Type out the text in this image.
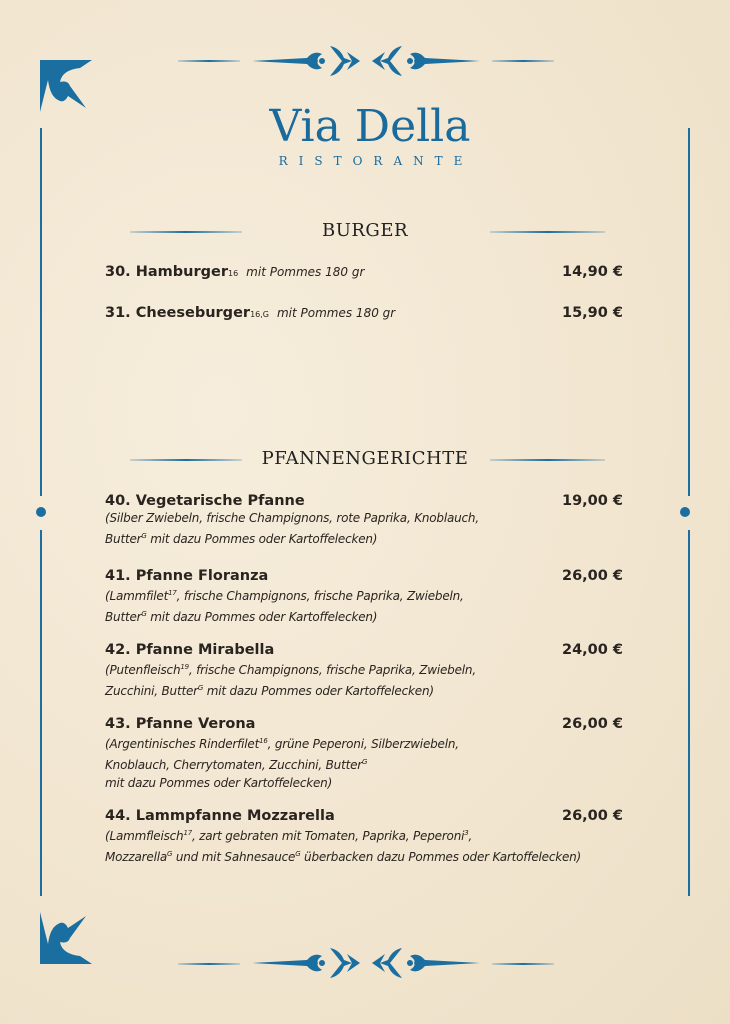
Via Della
RISTORANTE
BURGER
30. Hamburger 16 mit Pommes 180 gr	14,90 €
31. Cheeseburger 16,G mit Pommes 180 gr	15,90 €
PFANNENGERICHTE
40. Vegetarische Pfanne	19,00 €
(Silber Zwiebeln, frische Champignons, rote Paprika, Knoblauch,
Butter$^G$ mit dazu Pommes oder Kartoffelecken)
41. Pfanne Floranza	26,00 €
(Lammfilet$^{17}$, frische Champignons, frische Paprika, Zwiebeln,
Butter$^G$ mit dazu Pommes oder Kartoffelecken)
42. Pfanne Mirabella	24,00 €
(Putenfleisch$^{19}$, frische Champignons, frische Paprika, Zwiebeln,
Zucchini, Butter$^G$ mit dazu Pommes oder Kartoffelecken)
43. Pfanne Verona	26,00 €
(Argentinisches Rinderfilet$^{16}$, grüne Peperoni, Silberzwiebeln,
Knoblauch, Cherrytomaten, Zucchini, Butter$^G$
mit dazu Pommes oder Kartoffelecken)
44. Lammpfanne Mozzarella	26,00 €
(Lammfleisch$^{17}$, zart gebraten mit Tomaten, Paprika, Peperoni$^3$,
Mozzarella$^G$ und mit Sahnesauce$^G$ überbacken dazu Pommes oder Kartoffelecken)
